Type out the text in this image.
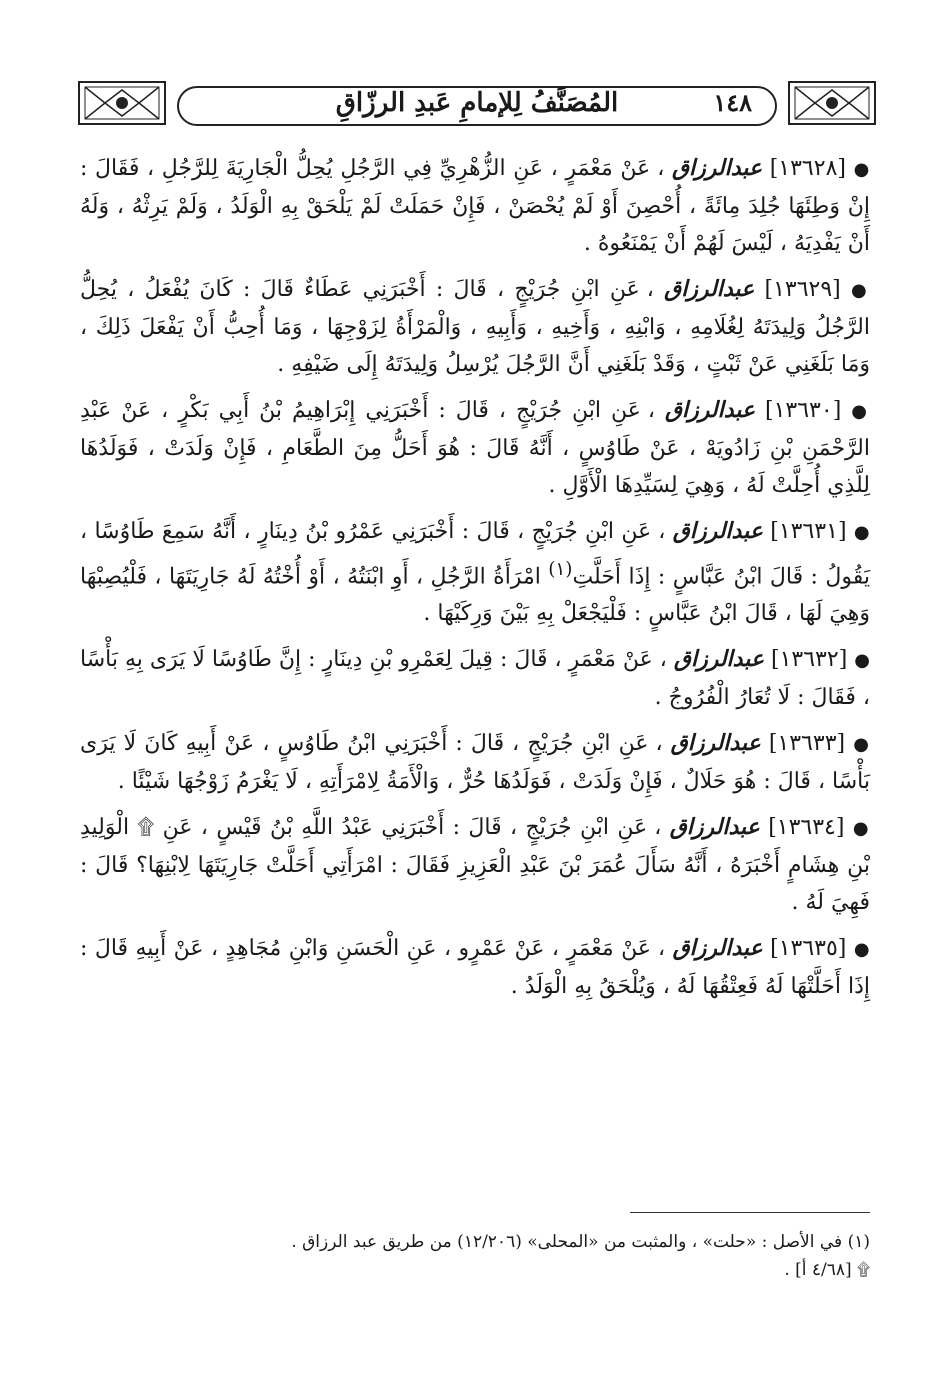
المُصَنَّفُ لِلإمامِ عَبدِ الرزّاقِ	١٤٨

● [١٣٦٢٨] عبدالرزاق ، عَنْ مَعْمَرٍ ، عَنِ الزُّهْرِيِّ فِي الرَّجُلِ يُحِلُّ الْجَارِيَةَ لِلرَّجُلِ ، فَقَالَ : إِنْ وَطِئَهَا جُلِدَ مِائَةً ، أُحْصِنَ أَوْ لَمْ يُحْصَنْ ، فَإِنْ حَمَلَتْ لَمْ يَلْحَقْ بِهِ الْوَلَدُ ، وَلَمْ يَرِثْهُ ، وَلَهُ أَنْ يَفْدِيَهُ ، لَيْسَ لَهُمْ أَنْ يَمْنَعُوهُ .

● [١٣٦٢٩] عبدالرزاق ، عَنِ ابْنِ جُرَيْجٍ ، قَالَ : أَخْبَرَنِي عَطَاءٌ قَالَ : كَانَ يُفْعَلُ ، يُحِلُّ الرَّجُلُ وَلِيدَتَهُ لِغُلَامِهِ ، وَابْنِهِ ، وَأَخِيهِ ، وَأَبِيهِ ، وَالْمَرْأَةُ لِزَوْجِهَا ، وَمَا أُحِبُّ أَنْ يَفْعَلَ ذَلِكَ ، وَمَا بَلَغَنِي عَنْ ثَبْتٍ ، وَقَدْ بَلَغَنِي أَنَّ الرَّجُلَ يُرْسِلُ وَلِيدَتَهُ إِلَى ضَيْفِهِ .

● [١٣٦٣٠] عبدالرزاق ، عَنِ ابْنِ جُرَيْجٍ ، قَالَ : أَخْبَرَنِي إِبْرَاهِيمُ بْنُ أَبِي بَكْرٍ ، عَنْ عَبْدِ الرَّحْمَنِ بْنِ زَادُويَهْ ، عَنْ طَاوُسٍ ، أَنَّهُ قَالَ : هُوَ أَحَلُّ مِنَ الطَّعَامِ ، فَإِنْ وَلَدَتْ ، فَوَلَدُهَا لِلَّذِي أُحِلَّتْ لَهُ ، وَهِيَ لِسَيِّدِهَا الْأَوَّلِ .

● [١٣٦٣١] عبدالرزاق ، عَنِ ابْنِ جُرَيْجٍ ، قَالَ : أَخْبَرَنِي عَمْرُو بْنُ دِينَارٍ ، أَنَّهُ سَمِعَ طَاوُسًا ، يَقُولُ : قَالَ ابْنُ عَبَّاسٍ : إِذَا أَحَلَّتِ$^{(١)}$ امْرَأَةُ الرَّجُلِ ، أَوِ ابْنَتُهُ ، أَوْ أُخْتُهُ لَهُ جَارِيَتَهَا ، فَلْيُصِبْهَا وَهِيَ لَهَا ، قَالَ ابْنُ عَبَّاسٍ : فَلْيَجْعَلْ بِهِ بَيْنَ وَرِكَيْهَا .

● [١٣٦٣٢] عبدالرزاق ، عَنْ مَعْمَرٍ ، قَالَ : قِيلَ لِعَمْرِو بْنِ دِينَارٍ : إِنَّ طَاوُسًا لَا يَرَى بِهِ بَأْسًا ، فَقَالَ : لَا تُعَارُ الْفُرُوجُ .

● [١٣٦٣٣] عبدالرزاق ، عَنِ ابْنِ جُرَيْجٍ ، قَالَ : أَخْبَرَنِي ابْنُ طَاوُسٍ ، عَنْ أَبِيهِ كَانَ لَا يَرَى بَأْسًا ، قَالَ : هُوَ حَلَالٌ ، فَإِنْ وَلَدَتْ ، فَوَلَدُهَا حُرٌّ ، وَالْأَمَةُ لِامْرَأَتِهِ ، لَا يَغْرَمُ زَوْجُهَا شَيْئًا .

● [١٣٦٣٤] عبدالرزاق ، عَنِ ابْنِ جُرَيْجٍ ، قَالَ : أَخْبَرَنِي عَبْدُ اللَّهِ بْنُ قَيْسٍ ، عَنِ ۩ الْوَلِيدِ بْنِ هِشَامٍ أَخْبَرَهُ ، أَنَّهُ سَأَلَ عُمَرَ بْنَ عَبْدِ الْعَزِيزِ فَقَالَ : امْرَأَتِي أَحَلَّتْ جَارِيَتَهَا لِابْنِهَا؟ قَالَ : فَهِيَ لَهُ .

● [١٣٦٣٥] عبدالرزاق ، عَنْ مَعْمَرٍ ، عَنْ عَمْرٍو ، عَنِ الْحَسَنِ وَابْنِ مُجَاهِدٍ ، عَنْ أَبِيهِ قَالَ : إِذَا أَحَلَّتْهَا لَهُ فَعِتْقُهَا لَهُ ، وَيُلْحَقُ بِهِ الْوَلَدُ .

(١) في الأصل : «حلت» ، والمثبت من «المحلى» (١٢/٢٠٦) من طريق عبد الرزاق .
۩ [٤/٦٨ أ] .
